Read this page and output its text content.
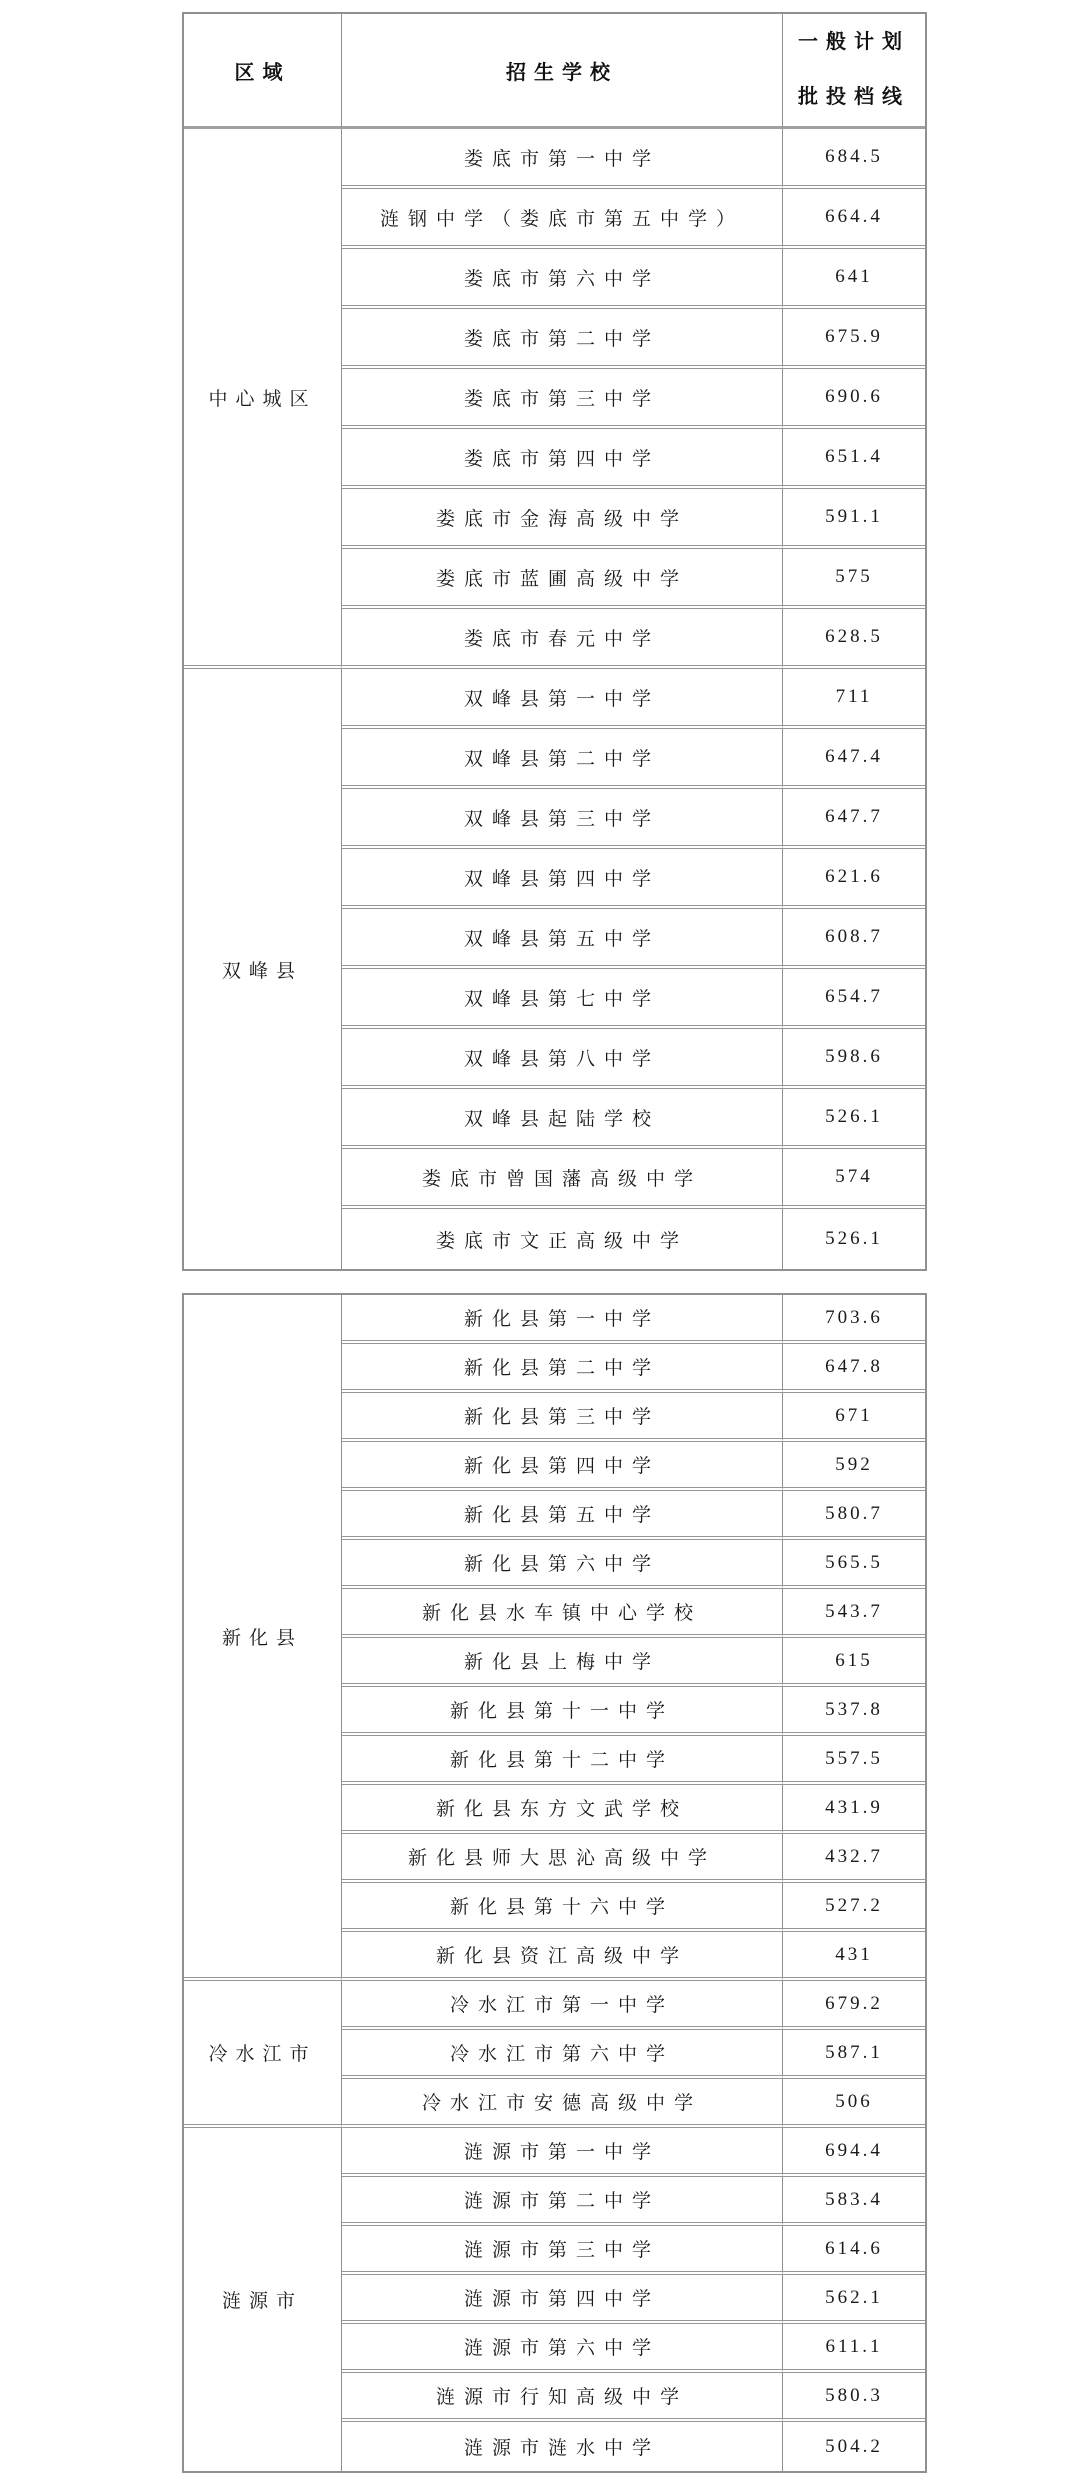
区域	招生学校	一般计划
批投档线

中心城区	娄底市第一中学	684.5
	涟钢中学（娄底市第五中学）	664.4
	娄底市第六中学	641
	娄底市第二中学	675.9
	娄底市第三中学	690.6
	娄底市第四中学	651.4
	娄底市金海高级中学	591.1
	娄底市蓝圃高级中学	575
	娄底市春元中学	628.5
双峰县	双峰县第一中学	711
	双峰县第二中学	647.4
	双峰县第三中学	647.7
	双峰县第四中学	621.6
	双峰县第五中学	608.7
	双峰县第七中学	654.7
	双峰县第八中学	598.6
	双峰县起陆学校	526.1
	娄底市曾国藩高级中学	574
	娄底市文正高级中学	526.1
新化县	新化县第一中学	703.6
	新化县第二中学	647.8
	新化县第三中学	671
	新化县第四中学	592
	新化县第五中学	580.7
	新化县第六中学	565.5
	新化县水车镇中心学校	543.7
	新化县上梅中学	615
	新化县第十一中学	537.8
	新化县第十二中学	557.5
	新化县东方文武学校	431.9
	新化县师大思沁高级中学	432.7
	新化县第十六中学	527.2
	新化县资江高级中学	431
冷水江市	冷水江市第一中学	679.2
	冷水江市第六中学	587.1
	冷水江市安德高级中学	506
涟源市	涟源市第一中学	694.4
	涟源市第二中学	583.4
	涟源市第三中学	614.6
	涟源市第四中学	562.1
	涟源市第六中学	611.1
	涟源市行知高级中学	580.3
	涟源市涟水中学	504.2
